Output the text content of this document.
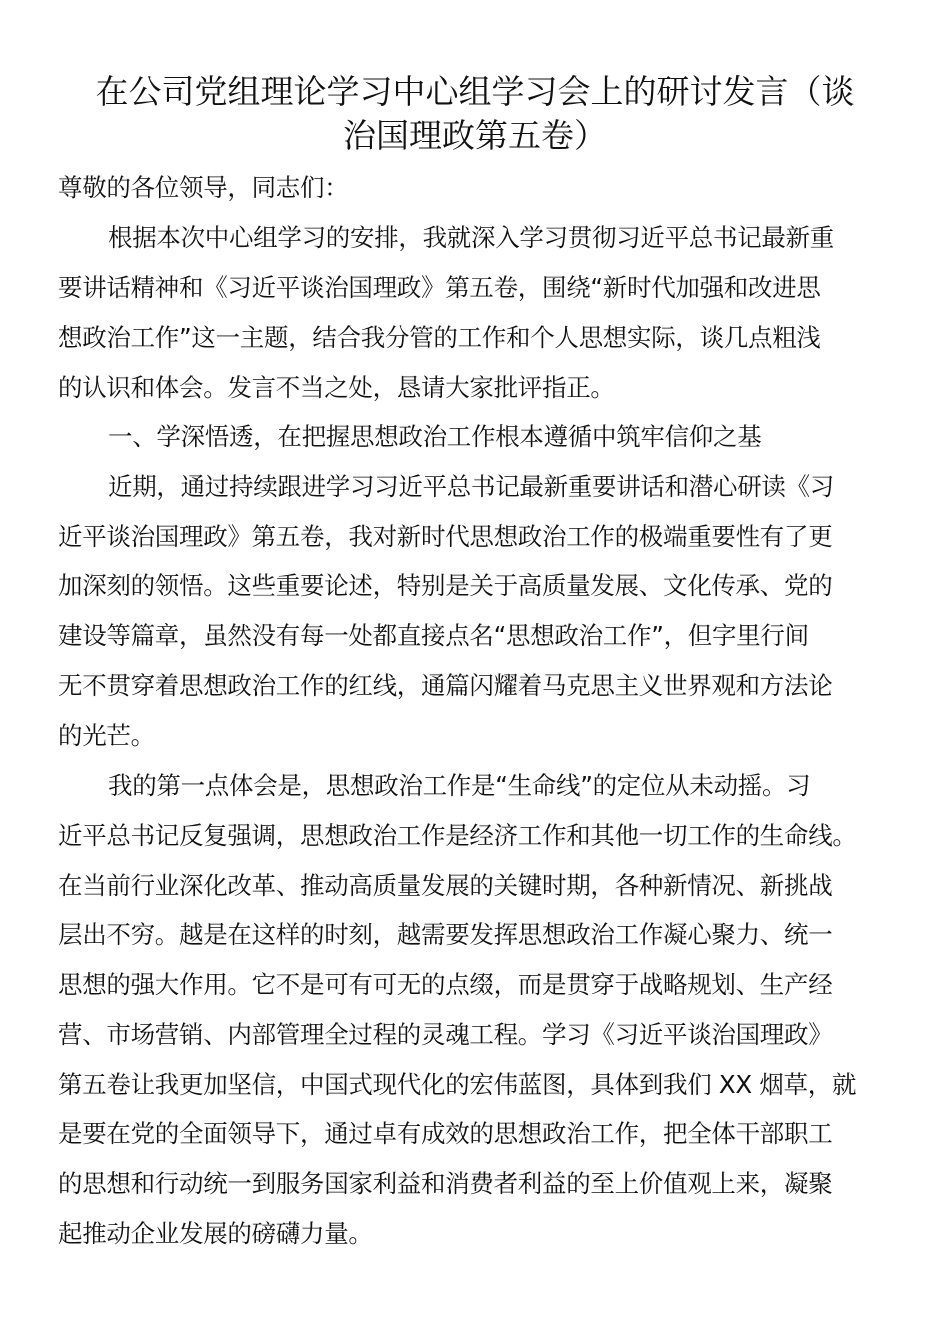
在公司党组理论学习中心组学习会上的研讨发言（谈
治国理政第五卷）
尊敬的各位领导，同志们：
根据本次中心组学习的安排，我就深入学习贯彻习近平总书记最新重
要讲话精神和《习近平谈治国理政》第五卷，围绕“新时代加强和改进思
想政治工作”这一主题，结合我分管的工作和个人思想实际，谈几点粗浅
的认识和体会。发言不当之处，恳请大家批评指正。
一、学深悟透，在把握思想政治工作根本遵循中筑牢信仰之基
近期，通过持续跟进学习习近平总书记最新重要讲话和潜心研读《习
近平谈治国理政》第五卷，我对新时代思想政治工作的极端重要性有了更
加深刻的领悟。这些重要论述，特别是关于高质量发展、文化传承、党的
建设等篇章，虽然没有每一处都直接点名“思想政治工作”，但字里行间
无不贯穿着思想政治工作的红线，通篇闪耀着马克思主义世界观和方法论
的光芒。
我的第一点体会是，思想政治工作是“生命线”的定位从未动摇。习
近平总书记反复强调，思想政治工作是经济工作和其他一切工作的生命线。
在当前行业深化改革、推动高质量发展的关键时期，各种新情况、新挑战
层出不穷。越是在这样的时刻，越需要发挥思想政治工作凝心聚力、统一
思想的强大作用。它不是可有可无的点缀，而是贯穿于战略规划、生产经
营、市场营销、内部管理全过程的灵魂工程。学习《习近平谈治国理政》
第五卷让我更加坚信，中国式现代化的宏伟蓝图，具体到我们 XX 烟草，就
是要在党的全面领导下，通过卓有成效的思想政治工作，把全体干部职工
的思想和行动统一到服务国家利益和消费者利益的至上价值观上来，凝聚
起推动企业发展的磅礴力量。
